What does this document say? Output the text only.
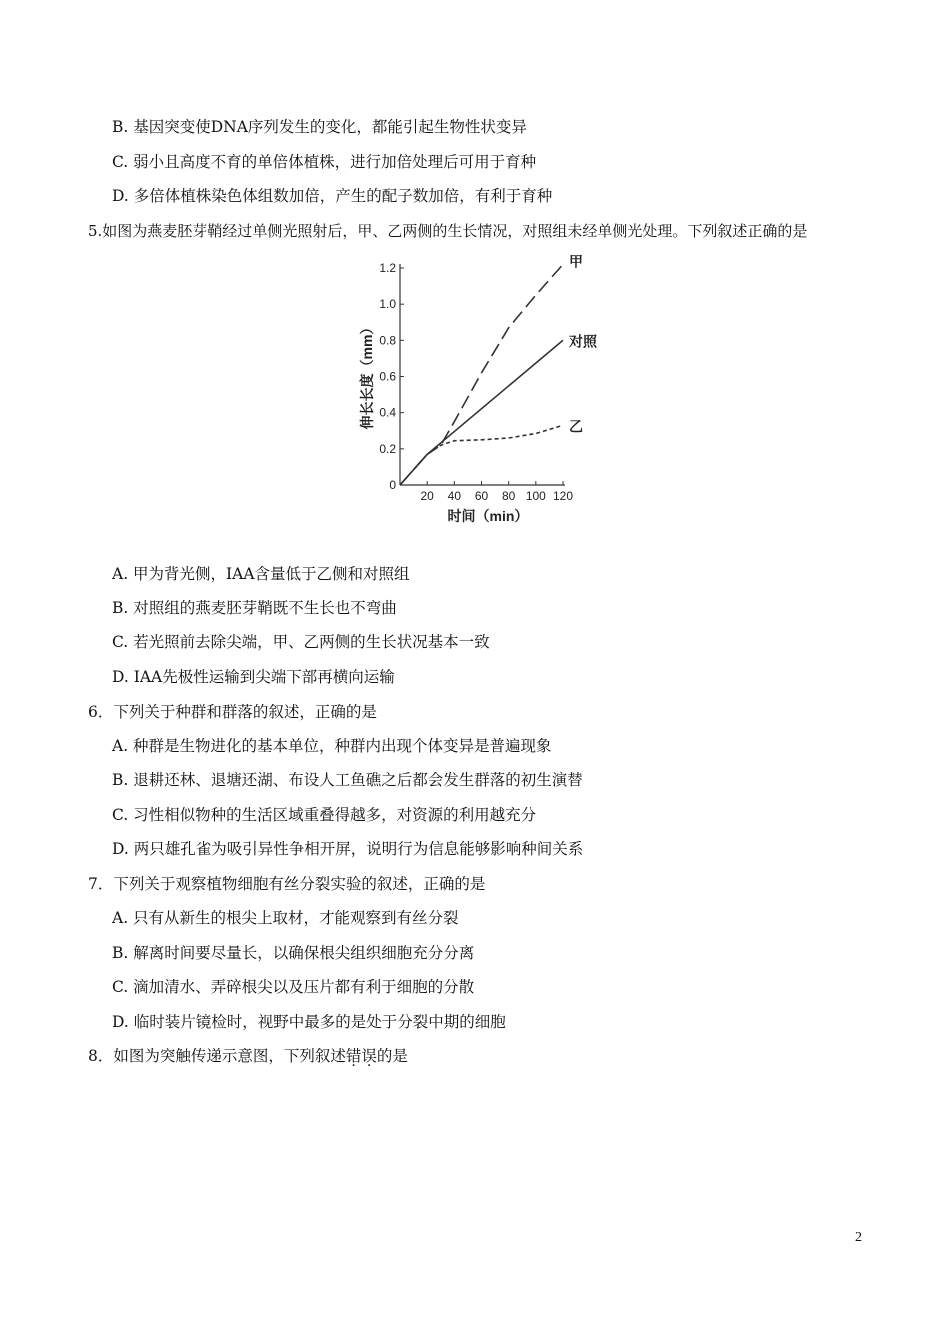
B. 基因突变使DNA序列发生的变化，都能引起生物性状变异
C. 弱小且高度不育的单倍体植株，进行加倍处理后可用于育种
D. 多倍体植株染色体组数加倍，产生的配子数加倍，有利于育种
5.如图为燕麦胚芽鞘经过单侧光照射后，甲、乙两侧的生长情况，对照组未经单侧光处理。下列叙述正确的是
0
0.2
0.4
0.6
0.8
1.0
1.2
20 40 60 80 100 120
甲
对照
乙
伸长长度（mm）
时间（min）
A. 甲为背光侧，IAA含量低于乙侧和对照组
B. 对照组的燕麦胚芽鞘既不生长也不弯曲
C. 若光照前去除尖端，甲、乙两侧的生长状况基本一致
D. IAA先极性运输到尖端下部再横向运输
6．下列关于种群和群落的叙述，正确的是
A. 种群是生物进化的基本单位，种群内出现个体变异是普遍现象
B. 退耕还林、退塘还湖、布设人工鱼礁之后都会发生群落的初生演替
C. 习性相似物种的生活区域重叠得越多，对资源的利用越充分
D. 两只雄孔雀为吸引异性争相开屏，说明行为信息能够影响种间关系
7．下列关于观察植物细胞有丝分裂实验的叙述，正确的是
A. 只有从新生的根尖上取材，才能观察到有丝分裂
B. 解离时间要尽量长，以确保根尖组织细胞充分分离
C. 滴加清水、弄碎根尖以及压片都有利于细胞的分散
D. 临时装片镜检时，视野中最多的是处于分裂中期的细胞
8．如图为突触传递示意图，下列叙述错误的是
2
